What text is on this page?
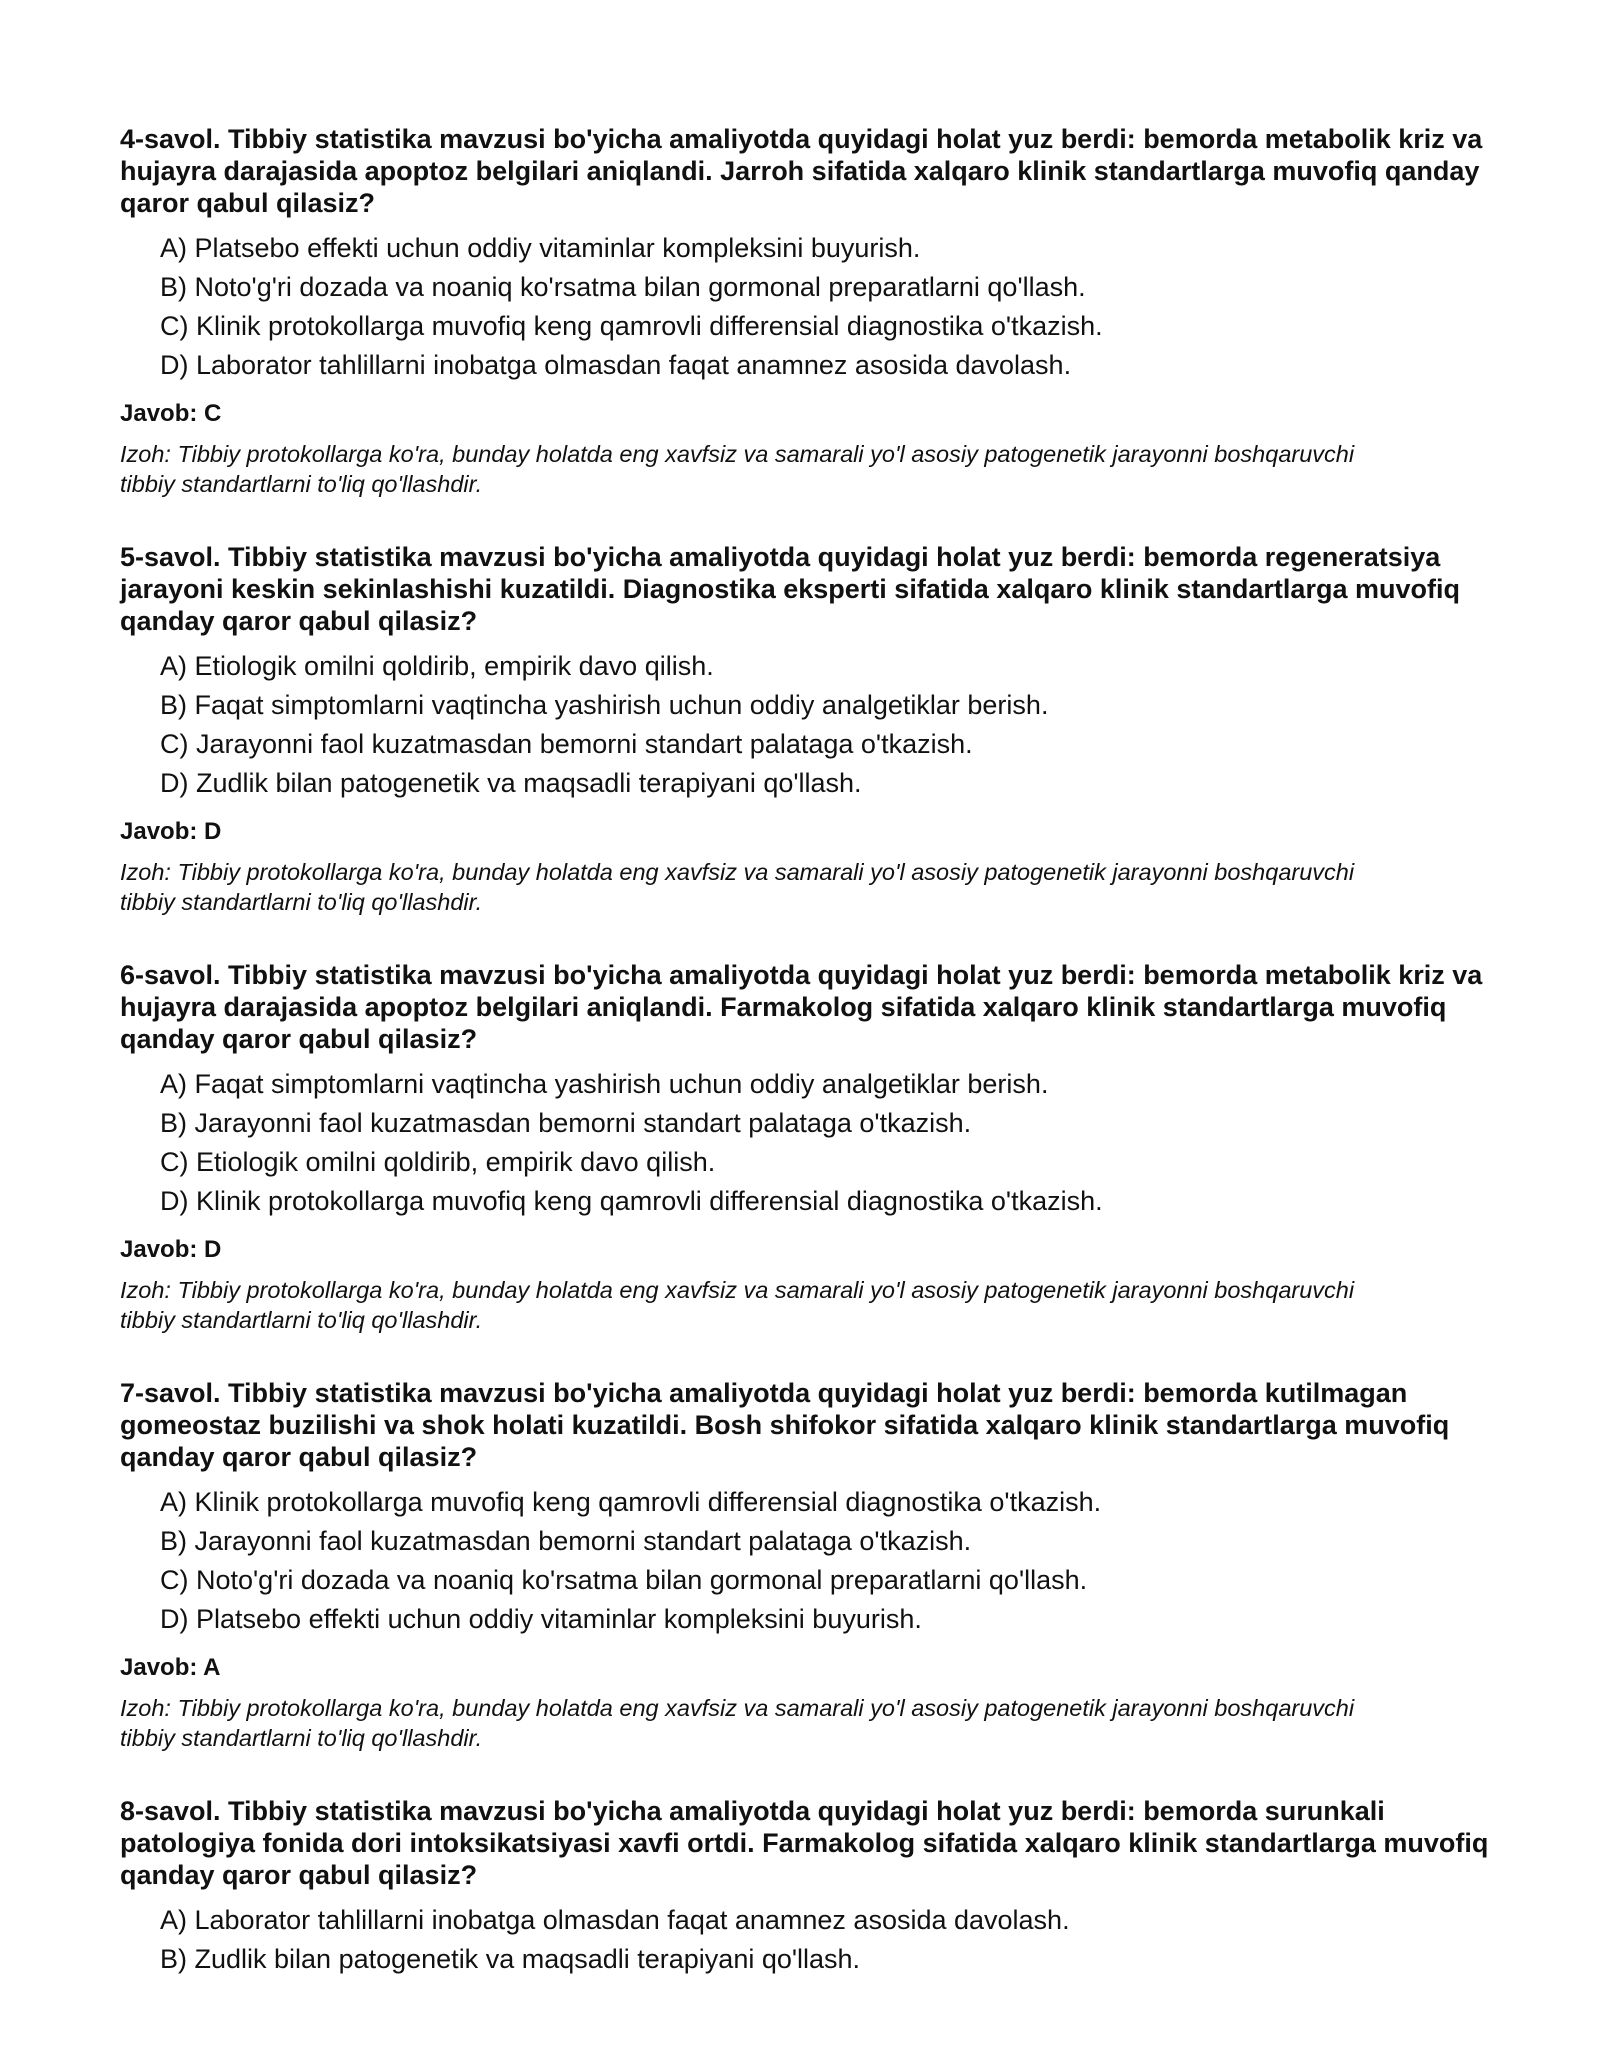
4-savol. Tibbiy statistika mavzusi bo'yicha amaliyotda quyidagi holat yuz berdi: bemorda metabolik kriz va hujayra darajasida apoptoz belgilari aniqlandi. Jarroh sifatida xalqaro klinik standartlarga muvofiq qanday qaror qabul qilasiz?

A) Platsebo effekti uchun oddiy vitaminlar kompleksini buyurish.
B) Noto'g'ri dozada va noaniq ko'rsatma bilan gormonal preparatlarni qo'llash.
C) Klinik protokollarga muvofiq keng qamrovli differensial diagnostika o'tkazish.
D) Laborator tahlillarni inobatga olmasdan faqat anamnez asosida davolash.

Javob: C

Izoh: Tibbiy protokollarga ko'ra, bunday holatda eng xavfsiz va samarali yo'l asosiy patogenetik jarayonni boshqaruvchi tibbiy standartlarni to'liq qo'llashdir.

5-savol. Tibbiy statistika mavzusi bo'yicha amaliyotda quyidagi holat yuz berdi: bemorda regeneratsiya jarayoni keskin sekinlashishi kuzatildi. Diagnostika eksperti sifatida xalqaro klinik standartlarga muvofiq qanday qaror qabul qilasiz?

A) Etiologik omilni qoldirib, empirik davo qilish.
B) Faqat simptomlarni vaqtincha yashirish uchun oddiy analgetiklar berish.
C) Jarayonni faol kuzatmasdan bemorni standart palataga o'tkazish.
D) Zudlik bilan patogenetik va maqsadli terapiyani qo'llash.

Javob: D

Izoh: Tibbiy protokollarga ko'ra, bunday holatda eng xavfsiz va samarali yo'l asosiy patogenetik jarayonni boshqaruvchi tibbiy standartlarni to'liq qo'llashdir.

6-savol. Tibbiy statistika mavzusi bo'yicha amaliyotda quyidagi holat yuz berdi: bemorda metabolik kriz va hujayra darajasida apoptoz belgilari aniqlandi. Farmakolog sifatida xalqaro klinik standartlarga muvofiq qanday qaror qabul qilasiz?

A) Faqat simptomlarni vaqtincha yashirish uchun oddiy analgetiklar berish.
B) Jarayonni faol kuzatmasdan bemorni standart palataga o'tkazish.
C) Etiologik omilni qoldirib, empirik davo qilish.
D) Klinik protokollarga muvofiq keng qamrovli differensial diagnostika o'tkazish.

Javob: D

Izoh: Tibbiy protokollarga ko'ra, bunday holatda eng xavfsiz va samarali yo'l asosiy patogenetik jarayonni boshqaruvchi tibbiy standartlarni to'liq qo'llashdir.

7-savol. Tibbiy statistika mavzusi bo'yicha amaliyotda quyidagi holat yuz berdi: bemorda kutilmagan gomeostaz buzilishi va shok holati kuzatildi. Bosh shifokor sifatida xalqaro klinik standartlarga muvofiq qanday qaror qabul qilasiz?

A) Klinik protokollarga muvofiq keng qamrovli differensial diagnostika o'tkazish.
B) Jarayonni faol kuzatmasdan bemorni standart palataga o'tkazish.
C) Noto'g'ri dozada va noaniq ko'rsatma bilan gormonal preparatlarni qo'llash.
D) Platsebo effekti uchun oddiy vitaminlar kompleksini buyurish.

Javob: A

Izoh: Tibbiy protokollarga ko'ra, bunday holatda eng xavfsiz va samarali yo'l asosiy patogenetik jarayonni boshqaruvchi tibbiy standartlarni to'liq qo'llashdir.

8-savol. Tibbiy statistika mavzusi bo'yicha amaliyotda quyidagi holat yuz berdi: bemorda surunkali patologiya fonida dori intoksikatsiyasi xavfi ortdi. Farmakolog sifatida xalqaro klinik standartlarga muvofiq qanday qaror qabul qilasiz?

A) Laborator tahlillarni inobatga olmasdan faqat anamnez asosida davolash.
B) Zudlik bilan patogenetik va maqsadli terapiyani qo'llash.
